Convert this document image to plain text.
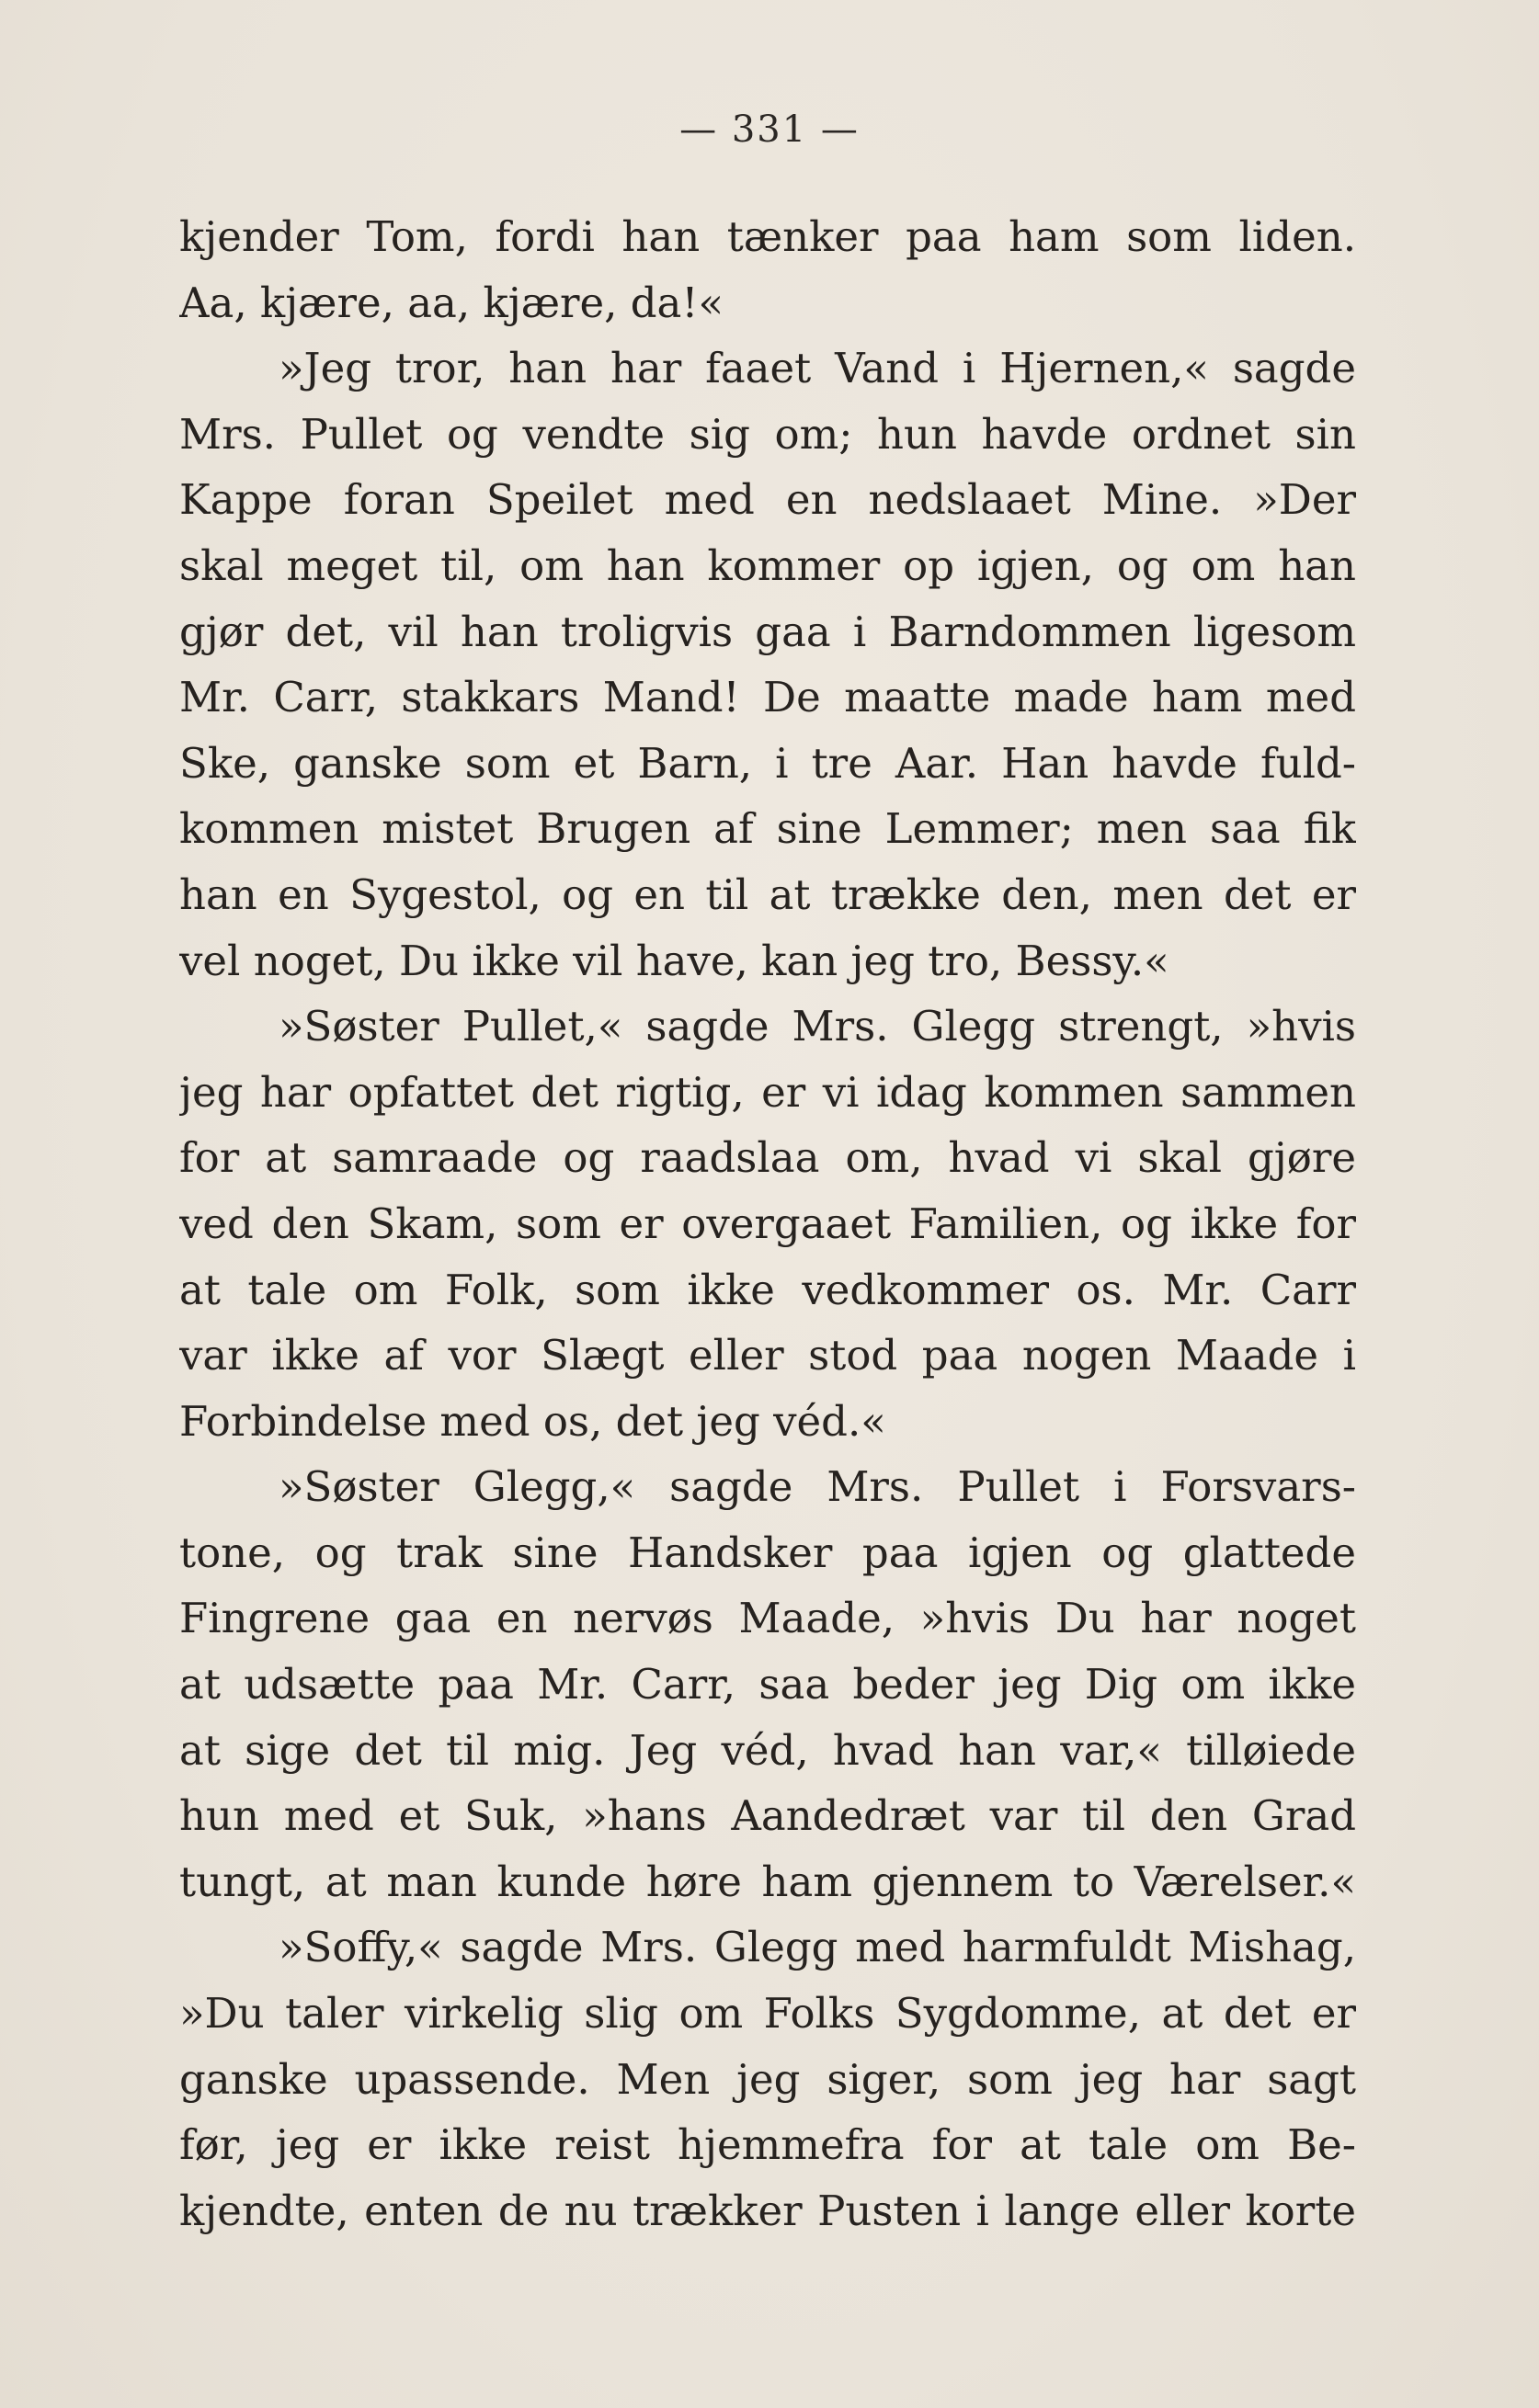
— 331 —
kjender Tom, fordi han tænker paa ham som liden.
Aa, kjære, aa, kjære, da!«
»Jeg tror, han har faaet Vand i Hjernen,« sagde
Mrs. Pullet og vendte sig om; hun havde ordnet sin
Kappe foran Speilet med en nedslaaet Mine. »Der
skal meget til, om han kommer op igjen, og om han
gjør det, vil han troligvis gaa i Barndommen ligesom
Mr. Carr, stakkars Mand! De maatte made ham med
Ske, ganske som et Barn, i tre Aar. Han havde fuld-
kommen mistet Brugen af sine Lemmer; men saa fik
han en Sygestol, og en til at trække den, men det er
vel noget, Du ikke vil have, kan jeg tro, Bessy.«
»Søster Pullet,« sagde Mrs. Glegg strengt, »hvis
jeg har opfattet det rigtig, er vi idag kommen sammen
for at samraade og raadslaa om, hvad vi skal gjøre
ved den Skam, som er overgaaet Familien, og ikke for
at tale om Folk, som ikke vedkommer os. Mr. Carr
var ikke af vor Slægt eller stod paa nogen Maade i
Forbindelse med os, det jeg véd.«
»Søster Glegg,« sagde Mrs. Pullet i Forsvars-
tone, og trak sine Handsker paa igjen og glattede
Fingrene gaa en nervøs Maade, »hvis Du har noget
at udsætte paa Mr. Carr, saa beder jeg Dig om ikke
at sige det til mig. Jeg véd, hvad han var,« tilløiede
hun med et Suk, »hans Aandedræt var til den Grad
tungt, at man kunde høre ham gjennem to Værelser.«
»Soffy,« sagde Mrs. Glegg med harmfuldt Mishag,
»Du taler virkelig slig om Folks Sygdomme, at det er
ganske upassende. Men jeg siger, som jeg har sagt
før, jeg er ikke reist hjemmefra for at tale om Be-
kjendte, enten de nu trækker Pusten i lange eller korte
